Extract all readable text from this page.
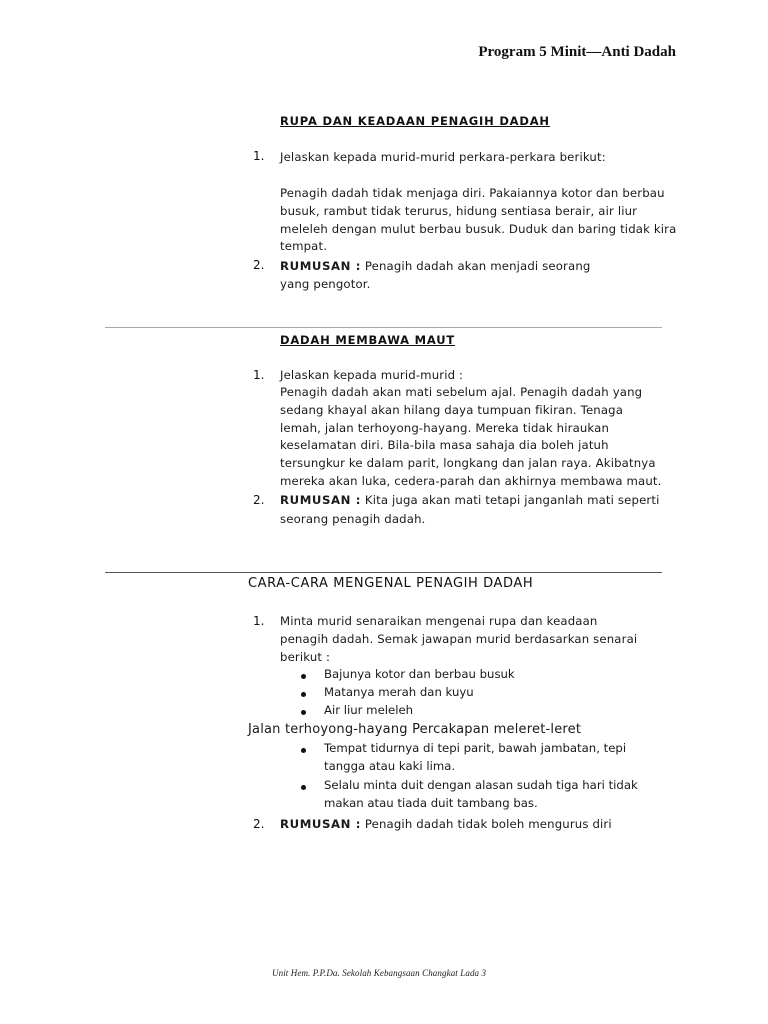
Program 5 Minit—Anti Dadah
RUPA DAN KEADAAN PENAGIH DADAH
1. Jelaskan kepada murid-murid perkara-perkara berikut:
Penagih dadah tidak menjaga diri. Pakaiannya kotor dan berbau
busuk, rambut tidak terurus, hidung sentiasa berair, air liur
meleleh dengan mulut berbau busuk. Duduk dan baring tidak kira
tempat.
2. RUMUSAN : Penagih dadah akan menjadi seorang
yang pengotor.
DADAH MEMBAWA MAUT
1. Jelaskan kepada murid-murid :
Penagih dadah akan mati sebelum ajal. Penagih dadah yang
sedang khayal akan hilang daya tumpuan fikiran. Tenaga
lemah, jalan terhoyong-hayang. Mereka tidak hiraukan
keselamatan diri. Bila-bila masa sahaja dia boleh jatuh
tersungkur ke dalam parit, longkang dan jalan raya. Akibatnya
mereka akan luka, cedera-parah dan akhirnya membawa maut.
2. RUMUSAN : Kita juga akan mati tetapi janganlah mati seperti
seorang penagih dadah.
CARA-CARA MENGENAL PENAGIH DADAH
1. Minta murid senaraikan mengenai rupa dan keadaan
penagih dadah. Semak jawapan murid berdasarkan senarai
berikut :
Bajunya kotor dan berbau busuk
Matanya merah dan kuyu
Air liur meleleh
Jalan terhoyong-hayang Percakapan meleret-leret
Tempat tidurnya di tepi parit, bawah jambatan, tepi
tangga atau kaki lima.
Selalu minta duit dengan alasan sudah tiga hari tidak
makan atau tiada duit tambang bas.
2. RUMUSAN : Penagih dadah tidak boleh mengurus diri
Unit Hem. P.P.Da. Sekolah Kebangsaan Changkat Lada 3
